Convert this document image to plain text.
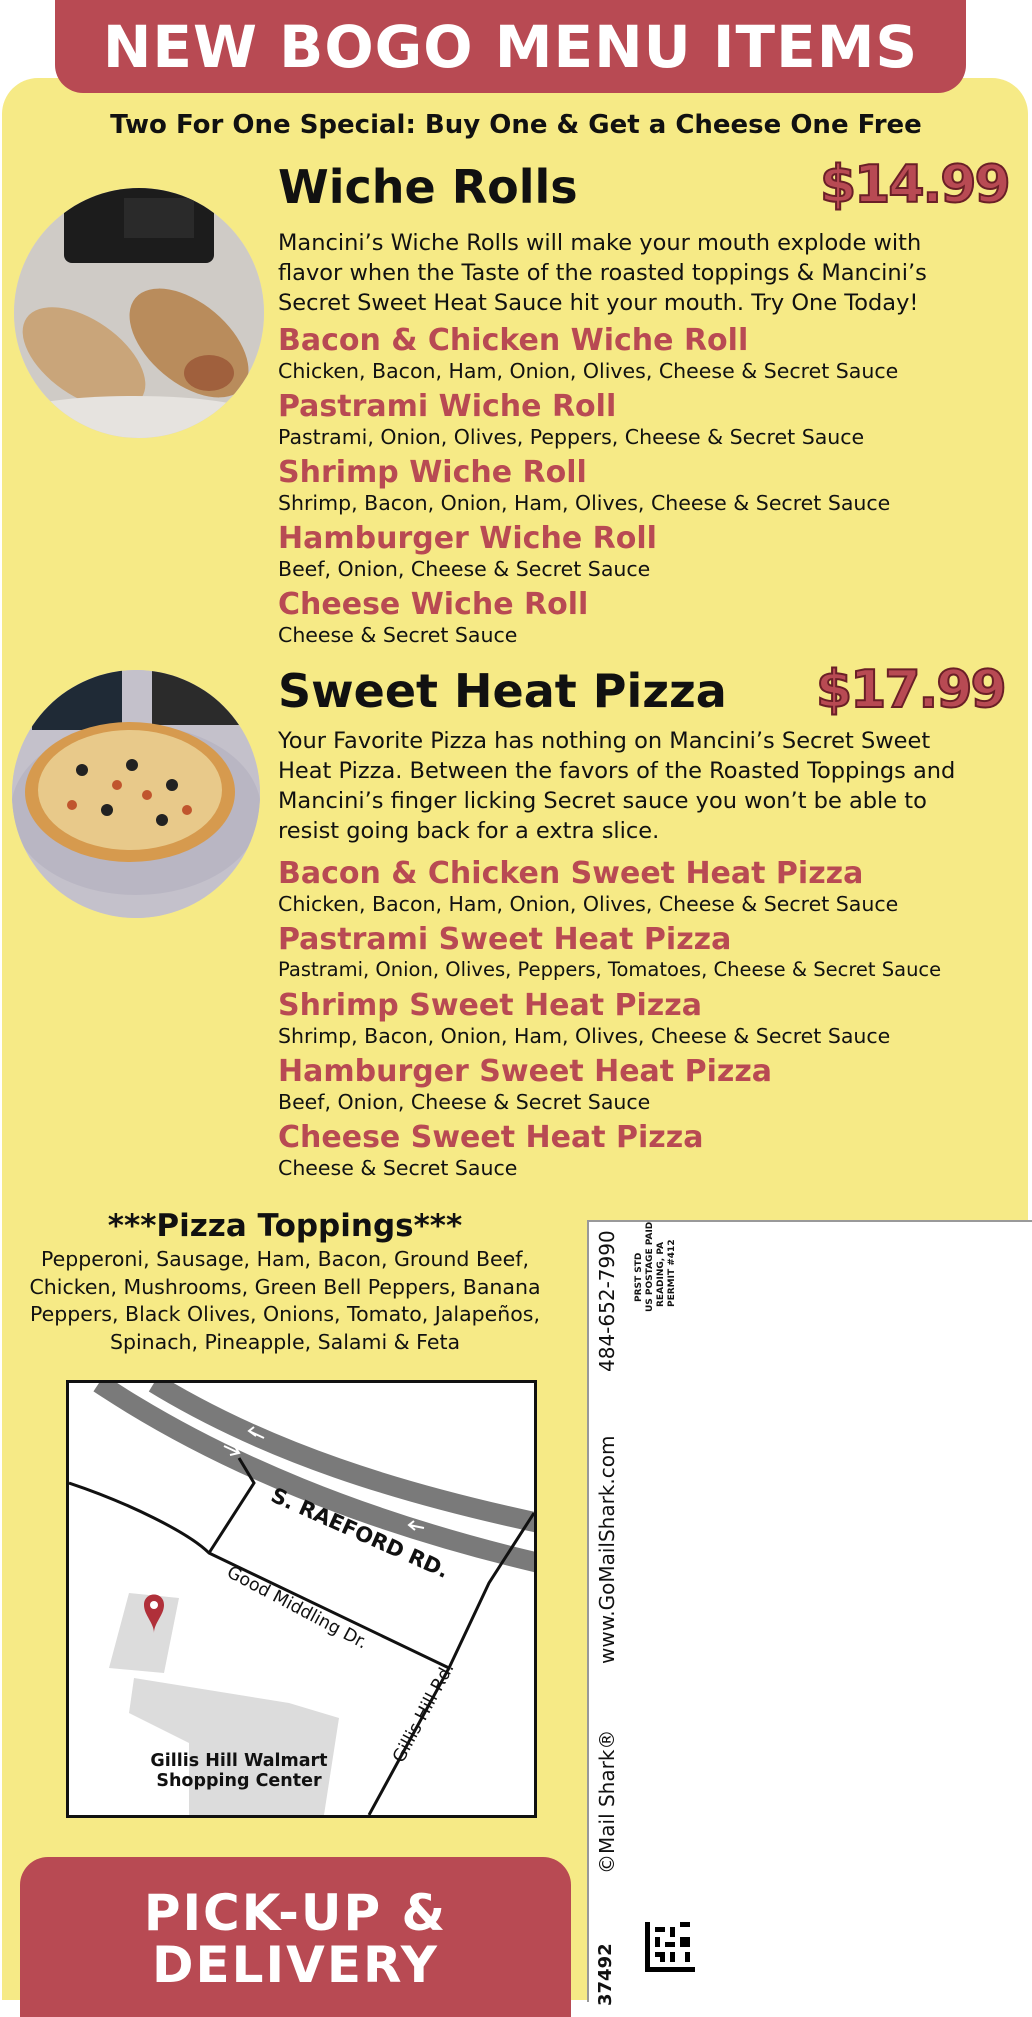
NEW BOGO MENU ITEMS
Two For One Special: Buy One & Get a Cheese One Free
Wiche Rolls	$14.99
Mancini’s Wiche Rolls will make your mouth explode with flavor when the Taste of the roasted toppings & Mancini’s Secret Sweet Heat Sauce hit your mouth. Try One Today!
Bacon & Chicken Wiche Roll
Chicken, Bacon, Ham, Onion, Olives, Cheese & Secret Sauce
Pastrami Wiche Roll
Pastrami, Onion, Olives, Peppers, Cheese & Secret Sauce
Shrimp Wiche Roll
Shrimp, Bacon, Onion, Ham, Olives, Cheese & Secret Sauce
Hamburger Wiche Roll
Beef, Onion, Cheese & Secret Sauce
Cheese Wiche Roll
Cheese & Secret Sauce
Sweet Heat Pizza $17.99
Your Favorite Pizza has nothing on Mancini’s Secret Sweet Heat Pizza. Between the favors of the Roasted Toppings and Mancini’s finger licking Secret sauce you won’t be able to resist going back for a extra slice.
Bacon & Chicken Sweet Heat Pizza
Chicken, Bacon, Ham, Onion, Olives, Cheese & Secret Sauce
Pastrami Sweet Heat Pizza
Pastrami, Onion, Olives, Peppers, Tomatoes, Cheese & Secret Sauce
Shrimp Sweet Heat Pizza
Shrimp, Bacon, Onion, Ham, Olives, Cheese & Secret Sauce
Hamburger Sweet Heat Pizza
Beef, Onion, Cheese & Secret Sauce
Cheese Sweet Heat Pizza
Cheese & Secret Sauce
***Pizza Toppings***
Pepperoni, Sausage, Ham, Bacon, Ground Beef, Chicken, Mushrooms, Green Bell Peppers, Banana Peppers, Black Olives, Onions, Tomato, Jalapeños, Spinach, Pineapple, Salami & Feta
S. RAEFORD RD.
Good Middling Dr.
Gillis Hill Rd.
Gillis Hill Walmart Shopping Center
484-652-7990 PRST STD US POSTAGE PAID READING, PA PERMIT #412
www.GoMailShark.com
©Mail Shark®
37492
PICK-UP &
DELIVERY
